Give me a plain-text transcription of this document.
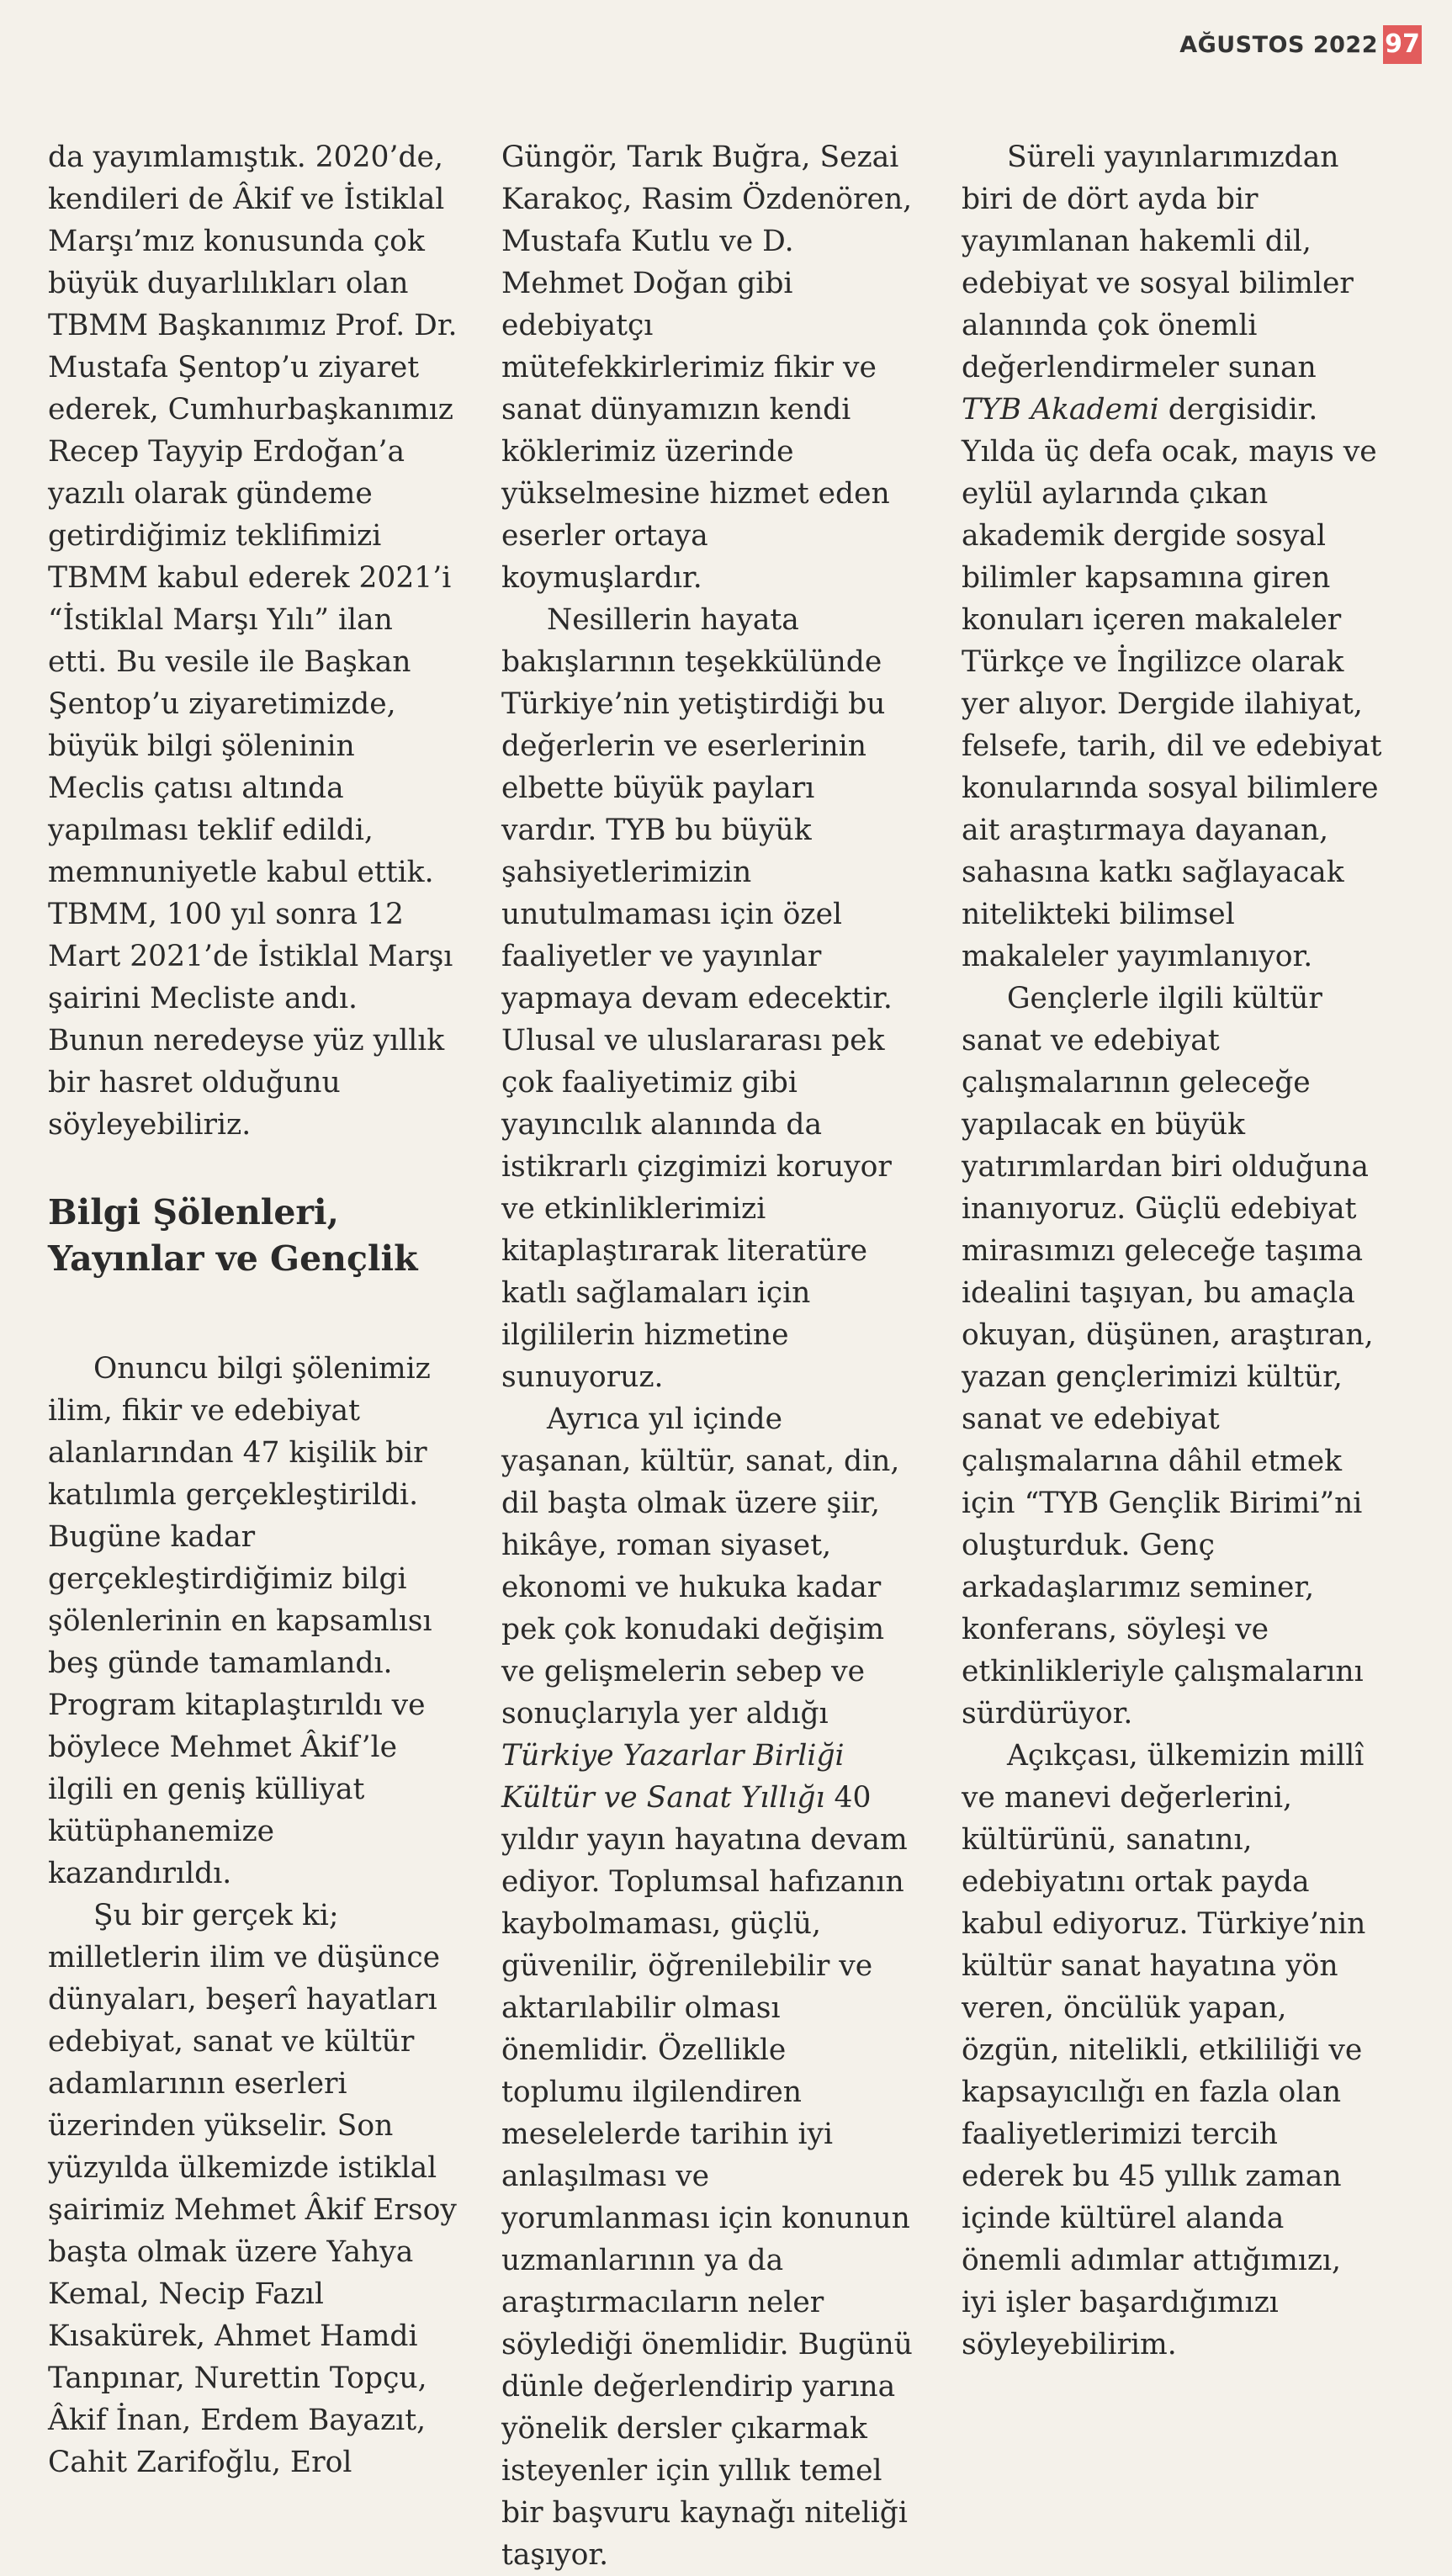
AĞUSTOS 2022 97

da yayımlamıştık. 2020’de, kendileri de Âkif ve İstiklal Marşı’mız konusunda çok büyük duyarlılıkları olan TBMM Başkanımız Prof. Dr. Mustafa Şentop’u ziyaret ederek, Cumhurbaşkanımız Recep Tayyip Erdoğan’a yazılı olarak gündeme getirdiğimiz teklifimizi TBMM kabul ederek 2021’i “İstiklal Marşı Yılı” ilan etti. Bu vesile ile Başkan Şentop’u ziyaretimizde, büyük bilgi şöleninin Meclis çatısı altında yapılması teklif edildi, memnuniyetle kabul ettik. TBMM, 100 yıl sonra 12 Mart 2021’de İstiklal Marşı şairini Mecliste andı. Bunun neredeyse yüz yıllık bir hasret olduğunu söyleyebiliriz.

Bilgi Şölenleri, Yayınlar ve Gençlik

Onuncu bilgi şölenimiz ilim, fikir ve edebiyat alanlarından 47 kişilik bir katılımla gerçekleştirildi. Bugüne kadar gerçekleştirdiğimiz bilgi şölenlerinin en kapsamlısı beş günde tamamlandı. Program kitaplaştırıldı ve böylece Mehmet Âkif’le ilgili en geniş külliyat kütüphanemize kazandırıldı.

Şu bir gerçek ki; milletlerin ilim ve düşünce dünyaları, beşerî hayatları edebiyat, sanat ve kültür adamlarının eserleri üzerinden yükselir. Son yüzyılda ülkemizde istiklal şairimiz Mehmet Âkif Ersoy başta olmak üzere Yahya Kemal, Necip Fazıl Kısakürek, Ahmet Hamdi Tanpınar, Nurettin Topçu, Âkif İnan, Erdem Bayazıt, Cahit Zarifoğlu, Erol

Güngör, Tarık Buğra, Sezai Karakoç, Rasim Özdenören, Mustafa Kutlu ve D. Mehmet Doğan gibi edebiyatçı mütefekkirlerimiz fikir ve sanat dünyamızın kendi köklerimiz üzerinde yükselmesine hizmet eden eserler ortaya koymuşlardır.

Nesillerin hayata bakışlarının teşekkülünde Türkiye’nin yetiştirdiği bu değerlerin ve eserlerinin elbette büyük payları vardır. TYB bu büyük şahsiyetlerimizin unutulmaması için özel faaliyetler ve yayınlar yapmaya devam edecektir. Ulusal ve uluslararası pek çok faaliyetimiz gibi yayıncılık alanında da istikrarlı çizgimizi koruyor ve etkinliklerimizi kitaplaştırarak literatüre katlı sağlamaları için ilgililerin hizmetine sunuyoruz.

Ayrıca yıl içinde yaşanan, kültür, sanat, din, dil başta olmak üzere şiir, hikâye, roman siyaset, ekonomi ve hukuka kadar pek çok konudaki değişim ve gelişmelerin sebep ve sonuçlarıyla yer aldığı Türkiye Yazarlar Birliği Kültür ve Sanat Yıllığı 40 yıldır yayın hayatına devam ediyor. Toplumsal hafızanın kaybolmaması, güçlü, güvenilir, öğrenilebilir ve aktarılabilir olması önemlidir. Özellikle toplumu ilgilendiren meselelerde tarihin iyi anlaşılması ve yorumlanması için konunun uzmanlarının ya da araştırmacıların neler söylediği önemlidir. Bugünü dünle değerlendirip yarına yönelik dersler çıkarmak isteyenler için yıllık temel bir başvuru kaynağı niteliği taşıyor.

Süreli yayınlarımızdan biri de dört ayda bir yayımlanan hakemli dil, edebiyat ve sosyal bilimler alanında çok önemli değerlendirmeler sunan TYB Akademi dergisidir. Yılda üç defa ocak, mayıs ve eylül aylarında çıkan akademik dergide sosyal bilimler kapsamına giren konuları içeren makaleler Türkçe ve İngilizce olarak yer alıyor. Dergide ilahiyat, felsefe, tarih, dil ve edebiyat konularında sosyal bilimlere ait araştırmaya dayanan, sahasına katkı sağlayacak nitelikteki bilimsel makaleler yayımlanıyor.

Gençlerle ilgili kültür sanat ve edebiyat çalışmalarının geleceğe yapılacak en büyük yatırımlardan biri olduğuna inanıyoruz. Güçlü edebiyat mirasımızı geleceğe taşıma idealini taşıyan, bu amaçla okuyan, düşünen, araştıran, yazan gençlerimizi kültür, sanat ve edebiyat çalışmalarına dâhil etmek için “TYB Gençlik Birimi”ni oluşturduk. Genç arkadaşlarımız seminer, konferans, söyleşi ve etkinlikleriyle çalışmalarını sürdürüyor.

Açıkçası, ülkemizin millî ve manevi değerlerini, kültürünü, sanatını, edebiyatını ortak payda kabul ediyoruz. Türkiye’nin kültür sanat hayatına yön veren, öncülük yapan, özgün, nitelikli, etkililiği ve kapsayıcılığı en fazla olan faaliyetlerimizi tercih ederek bu 45 yıllık zaman içinde kültürel alanda önemli adımlar attığımızı, iyi işler başardığımızı söyleyebilirim.
